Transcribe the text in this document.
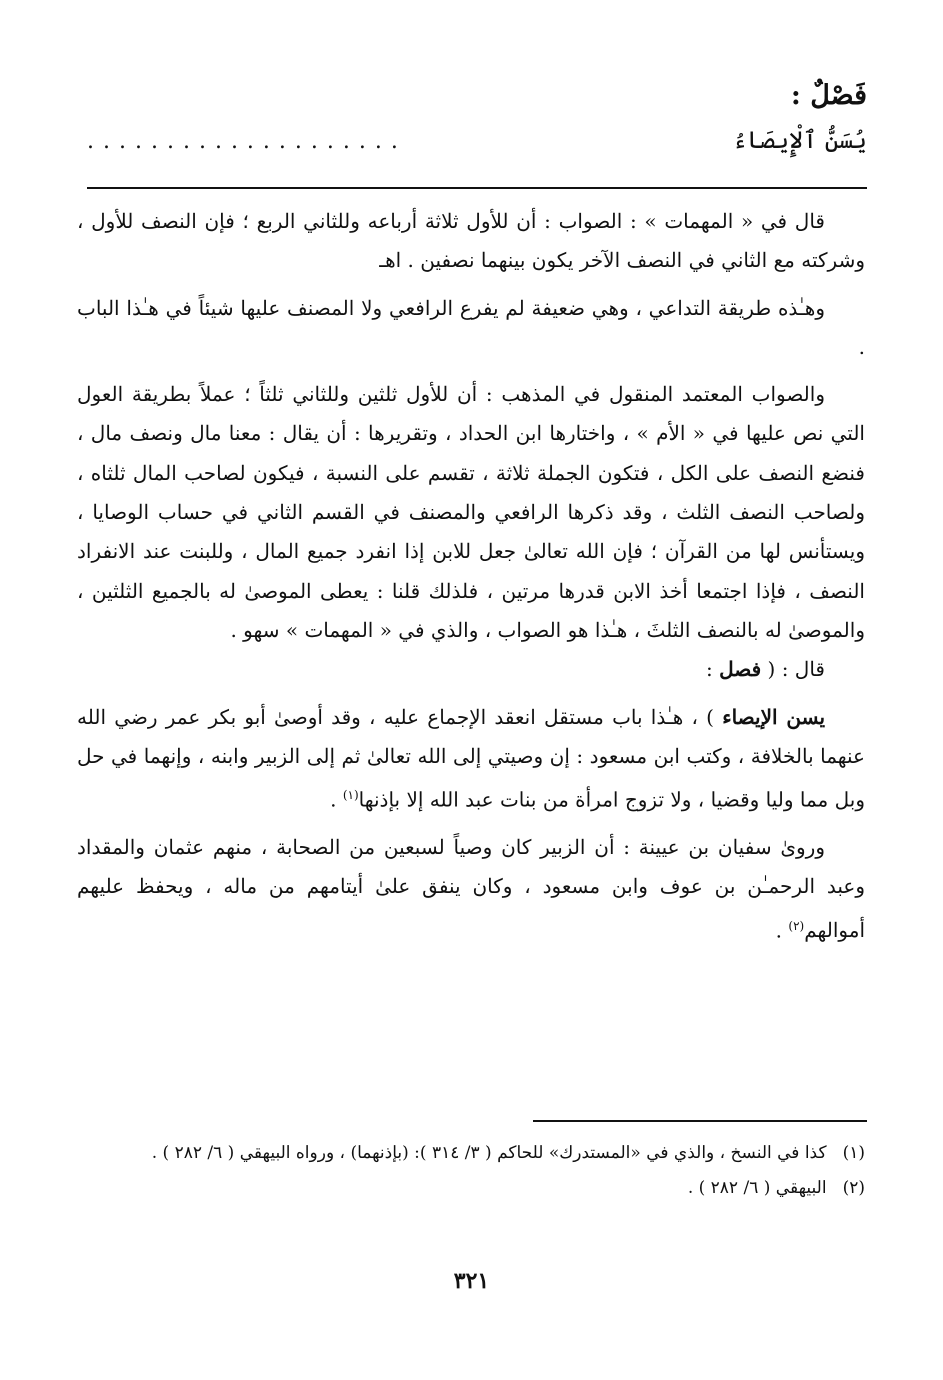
فَصْلٌ :
يُسَنُّ ٱلْإِيصَاءُ
....................

قال في « المهمات » : الصواب : أن للأول ثلاثة أرباعه وللثاني الربع ؛ فإن النصف للأول ، وشركته مع الثاني في النصف الآخر يكون بينهما نصفين . اهـ

وهـٰذه طريقة التداعي ، وهي ضعيفة لم يفرع الرافعي ولا المصنف عليها شيئاً في هـٰذا الباب .

والصواب المعتمد المنقول في المذهب : أن للأول ثلثين وللثاني ثلثاً ؛ عملاً بطريقة العول التي نص عليها في « الأم » ، واختارها ابن الحداد ، وتقريرها : أن يقال : معنا مال ونصف مال ، فنضع النصف على الكل ، فتكون الجملة ثلاثة ، تقسم على النسبة ، فيكون لصاحب المال ثلثاه ، ولصاحب النصف الثلث ، وقد ذكرها الرافعي والمصنف في القسم الثاني في حساب الوصايا ، ويستأنس لها من القرآن ؛ فإن الله تعالىٰ جعل للابن إذا انفرد جميع المال ، وللبنت عند الانفراد النصف ، فإذا اجتمعا أخذ الابن قدرها مرتين ، فلذلك قلنا : يعطى الموصىٰ له بالجميع الثلثين ، والموصىٰ له بالنصف الثلثَ ، هـٰذا هو الصواب ، والذي في « المهمات » سهو .

قال : ( فصل :

يسن الإيصاء ) ، هـٰذا باب مستقل انعقد الإجماع عليه ، وقد أوصىٰ أبو بكر عمر رضي الله عنهما بالخلافة ، وكتب ابن مسعود : إن وصيتي إلى الله تعالىٰ ثم إلى الزبير وابنه ، وإنهما في حل وبل مما وليا وقضيا ، ولا تزوج امرأة من بنات عبد الله إلا بإذنها$^{(١)}$ .

وروىٰ سفيان بن عيينة : أن الزبير كان وصياً لسبعين من الصحابة ، منهم عثمان والمقداد وعبد الرحمـٰن بن عوف وابن مسعود ، وكان ينفق علىٰ أيتامهم من ماله ، ويحفظ عليهم أموالهم$^{(٢)}$ .

(١)كذا في النسخ ، والذي في «المستدرك» للحاكم ( ٣/ ٣١٤ ): (بإذنهما) ، ورواه البيهقي ( ٦/ ٢٨٢ ) .

(٢)البيهقي ( ٦/ ٢٨٢ ) .

٣٢١
